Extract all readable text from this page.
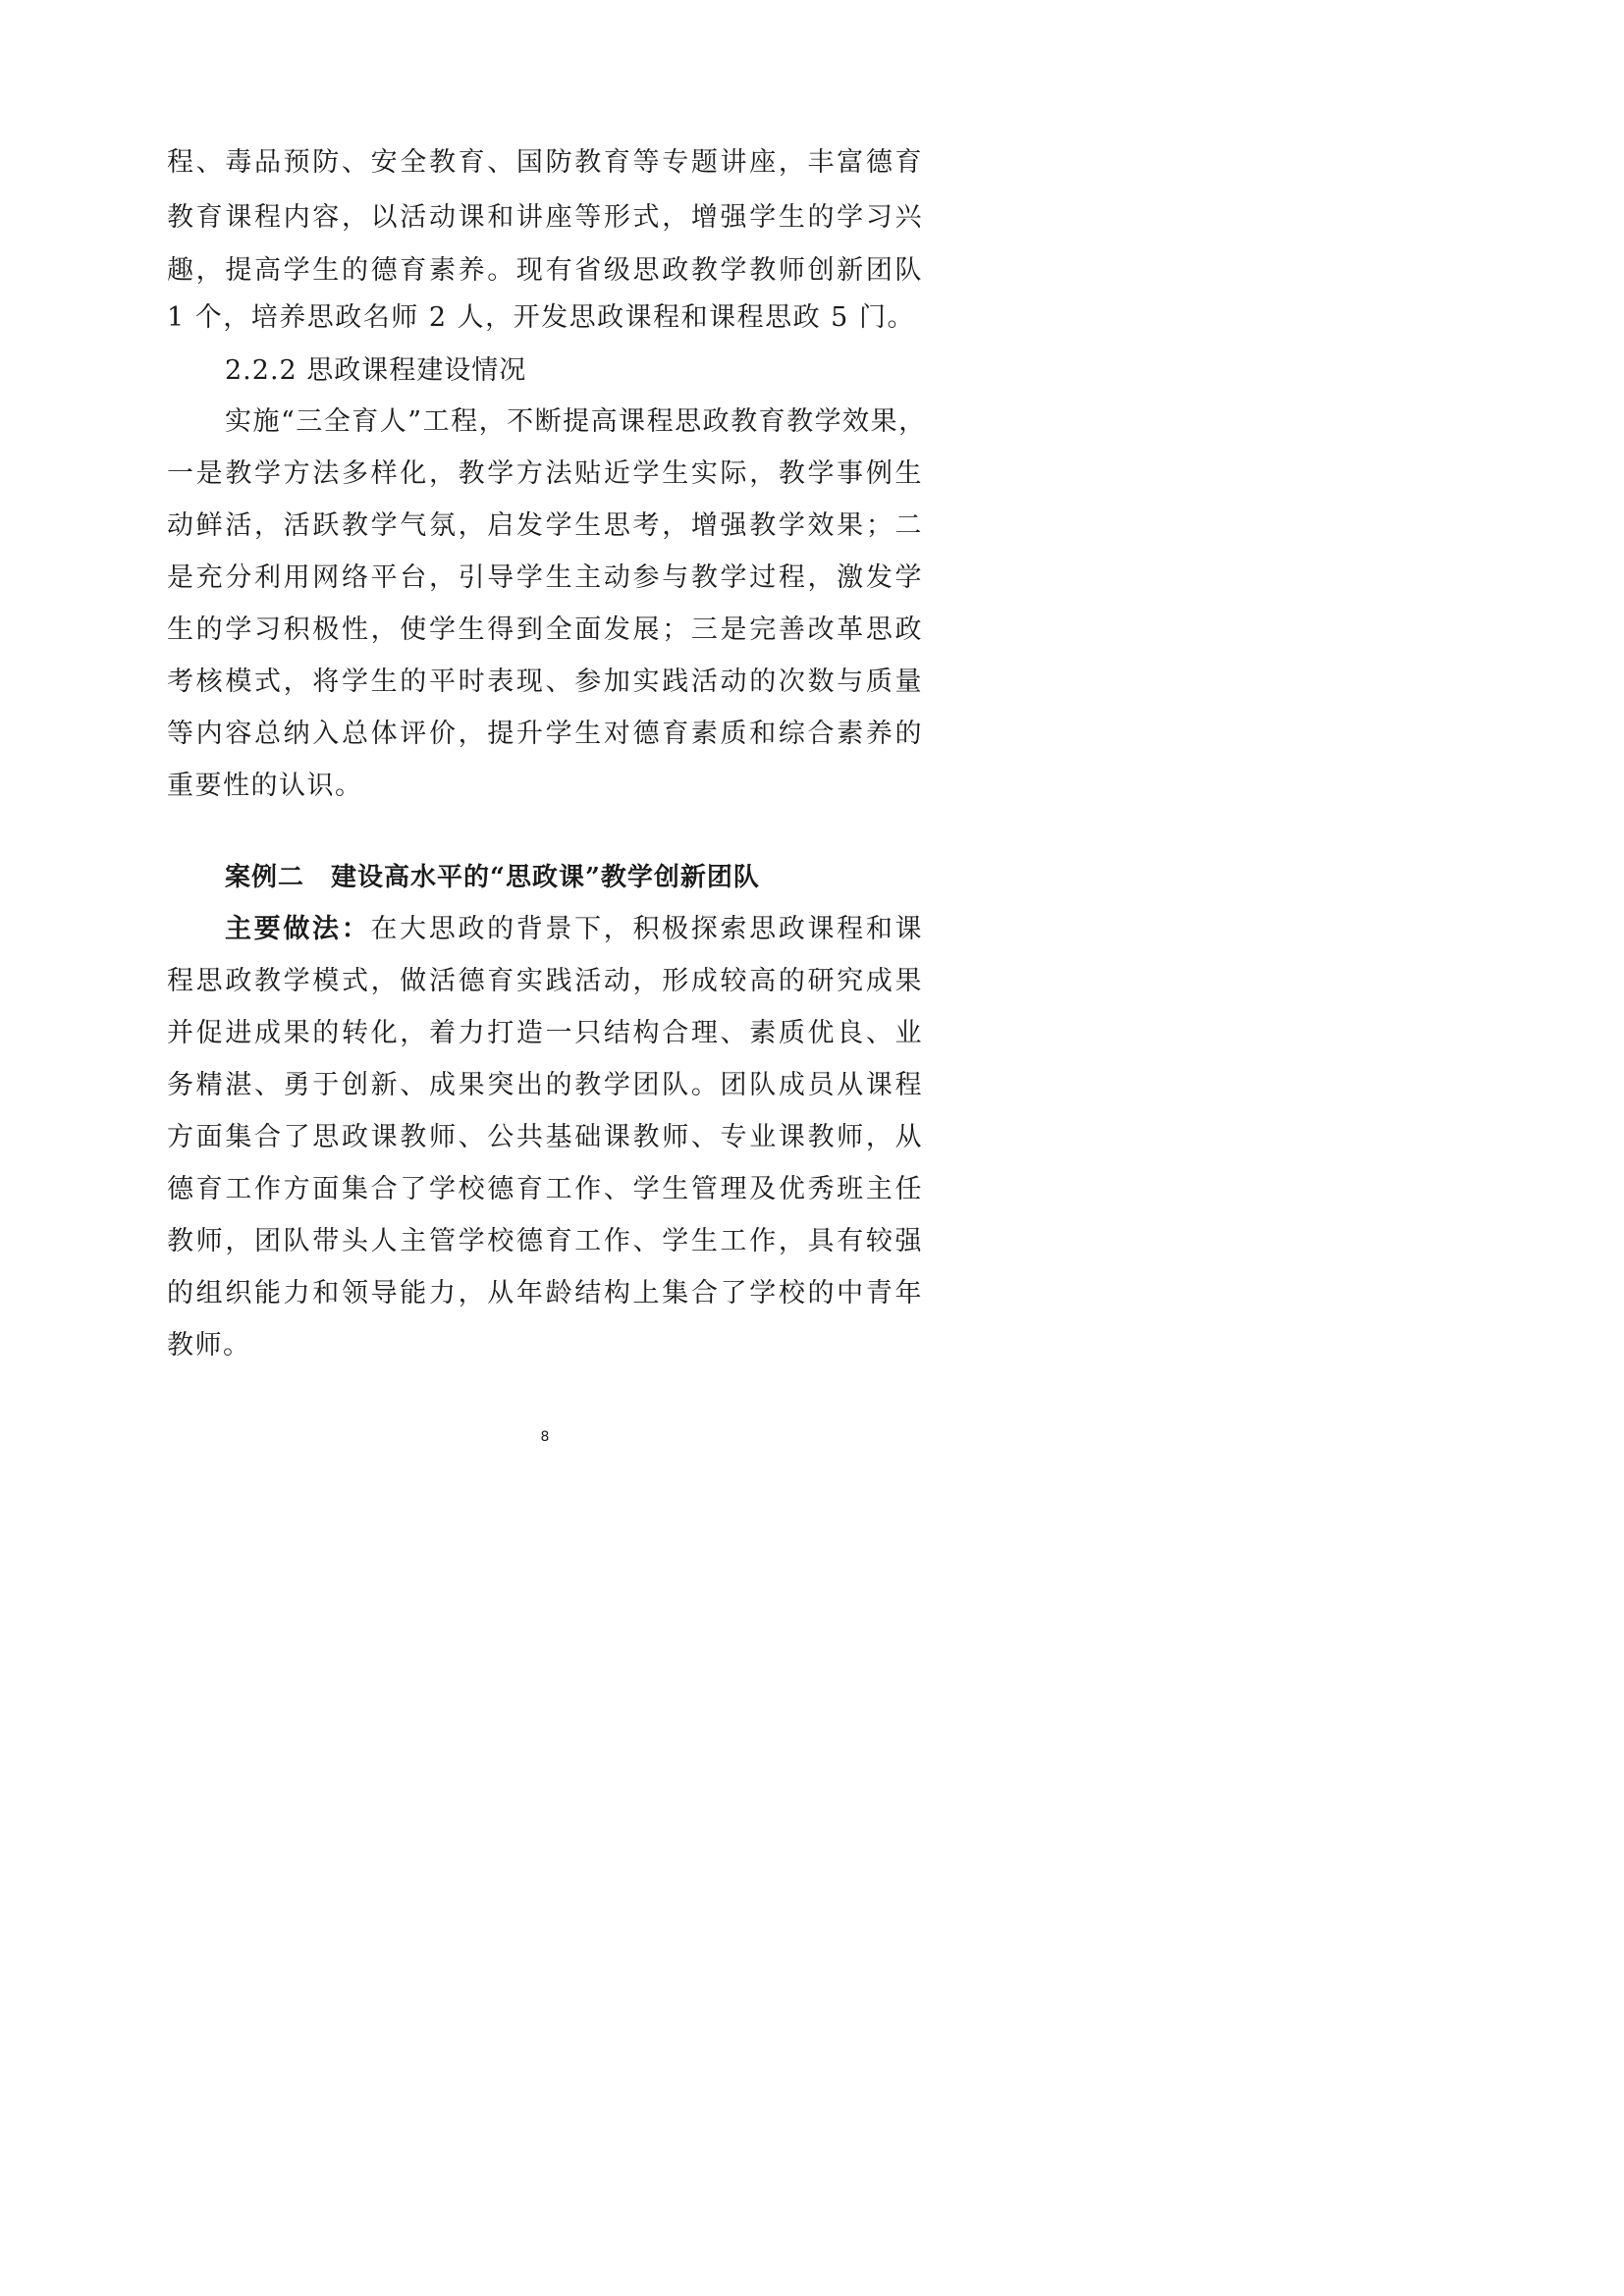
程、毒品预防、安全教育、国防教育等专题讲座，丰富德育
教育课程内容，以活动课和讲座等形式，增强学生的学习兴
趣，提高学生的德育素养。现有省级思政教学教师创新团队
1 个，培养思政名师 2 人，开发思政课程和课程思政 5 门。
2.2.2 思政课程建设情况
实施“三全育人”工程，不断提高课程思政教育教学效果，
一是教学方法多样化，教学方法贴近学生实际，教学事例生
动鲜活，活跃教学气氛，启发学生思考，增强教学效果；二
是充分利用网络平台，引导学生主动参与教学过程，激发学
生的学习积极性，使学生得到全面发展；三是完善改革思政
考核模式，将学生的平时表现、参加实践活动的次数与质量
等内容总纳入总体评价，提升学生对德育素质和综合素养的
重要性的认识。
案例二　建设高水平的“思政课”教学创新团队
主要做法：在大思政的背景下，积极探索思政课程和课
程思政教学模式，做活德育实践活动，形成较高的研究成果
并促进成果的转化，着力打造一只结构合理、素质优良、业
务精湛、勇于创新、成果突出的教学团队。团队成员从课程
方面集合了思政课教师、公共基础课教师、专业课教师，从
德育工作方面集合了学校德育工作、学生管理及优秀班主任
教师，团队带头人主管学校德育工作、学生工作，具有较强
的组织能力和领导能力，从年龄结构上集合了学校的中青年
教师。
8
